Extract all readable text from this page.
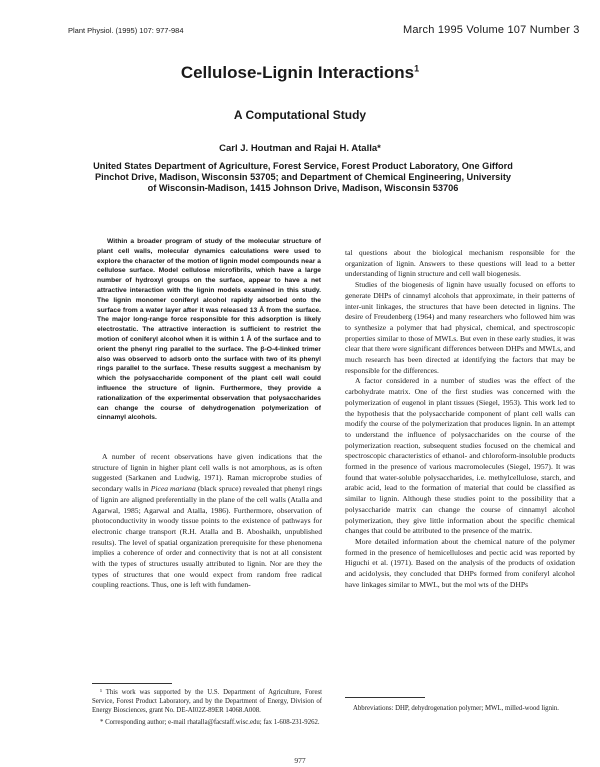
Plant Physiol. (1995) 107: 977-984	March 1995 Volume 107 Number 3
Cellulose-Lignin Interactions$^1$
A Computational Study
Carl J. Houtman and Rajai H. Atalla*
United States Department of Agriculture, Forest Service, Forest Product Laboratory, One Gifford Pinchot Drive, Madison, Wisconsin 53705; and Department of Chemical Engineering, University of Wisconsin-Madison, 1415 Johnson Drive, Madison, Wisconsin 53706
Within a broader program of study of the molecular structure of plant cell walls, molecular dynamics calculations were used to explore the character of the motion of lignin model compounds near a cellulose surface. Model cellulose microfibrils, which have a large number of hydroxyl groups on the surface, appear to have a net attractive interaction with the lignin models examined in this study. The lignin monomer coniferyl alcohol rapidly adsorbed onto the surface from a water layer after it was released 13 Å from the surface. The major long-range force responsible for this adsorption is likely electrostatic. The attractive interaction is sufficient to restrict the motion of coniferyl alcohol when it is within 1 Å of the surface and to orient the phenyl ring parallel to the surface. The β-O-4-linked trimer also was observed to adsorb onto the surface with two of its phenyl rings parallel to the surface. These results suggest a mechanism by which the polysaccharide component of the plant cell wall could influence the structure of lignin. Furthermore, they provide a rationalization of the experimental observation that polysaccharides can change the course of dehydrogenation polymerization of cinnamyl alcohols.

A number of recent observations have given indications that the structure of lignin in higher plant cell walls is not amorphous, as is often suggested (Sarkanen and Ludwig, 1971). Raman microprobe studies of secondary walls in Picea mariana (black spruce) revealed that phenyl rings of lignin are aligned preferentially in the plane of the cell walls (Atalla and Agarwal, 1985; Agarwal and Atalla, 1986). Furthermore, observation of photoconductivity in woody tissue points to the existence of pathways for electronic charge transport (R.H. Atalla and B. Aboshaikh, unpublished results). The level of spatial organization prerequisite for these phenomena implies a coherence of order and connectivity that is not at all consistent with the types of structures usually attributed to lignin. Nor are they the types of structures that one would expect from random free radical coupling reactions. Thus, one is left with fundamen-

¹ This work was supported by the U.S. Department of Agriculture, Forest Service, Forest Product Laboratory, and by the Department of Energy, Division of Energy Biosciences, grant No. DE-AI02Z-89ER 14068.A008.

* Corresponding author; e-mail rhatalla@facstaff.wisc.edu; fax 1-608-231-9262.

tal questions about the biological mechanism responsible for the organization of lignin. Answers to these questions will lead to a better understanding of lignin structure and cell wall biogenesis.

Studies of the biogenesis of lignin have usually focused on efforts to generate DHPs of cinnamyl alcohols that approximate, in their patterns of inter-unit linkages, the structures that have been detected in lignins. The desire of Freudenberg (1964) and many researchers who followed him was to synthesize a polymer that had physical, chemical, and spectroscopic properties similar to those of MWLs. But even in these early studies, it was clear that there were significant differences between DHPs and MWLs, and much research has been directed at identifying the factors that may be responsible for the differences.

A factor considered in a number of studies was the effect of the carbohydrate matrix. One of the first studies was concerned with the polymerization of eugenol in plant tissues (Siegel, 1953). This work led to the hypothesis that the polysaccharide component of plant cell walls can modify the course of the polymerization that produces lignin. In an attempt to understand the influence of polysaccharides on the course of the polymerization reaction, subsequent studies focused on the chemical and spectroscopic characteristics of ethanol- and chloroform-insoluble products formed in the presence of various macromolecules (Siegel, 1957). It was found that water-soluble polysaccharides, i.e. methylcellulose, starch, and arabic acid, lead to the formation of material that could be classified as similar to lignin. Although these studies point to the possibility that a polysaccharide matrix can change the course of cinnamyl alcohol polymerization, they give little information about the specific chemical changes that could be attributed to the presence of the matrix.

More detailed information about the chemical nature of the polymer formed in the presence of hemicelluloses and pectic acid was reported by Higuchi et al. (1971). Based on the analysis of the products of oxidation and acidolysis, they concluded that DHPs formed from coniferyl alcohol have linkages similar to MWL, but the mol wts of the DHPs

Abbreviations: DHP, dehydrogenation polymer; MWL, milled-wood lignin.
977
